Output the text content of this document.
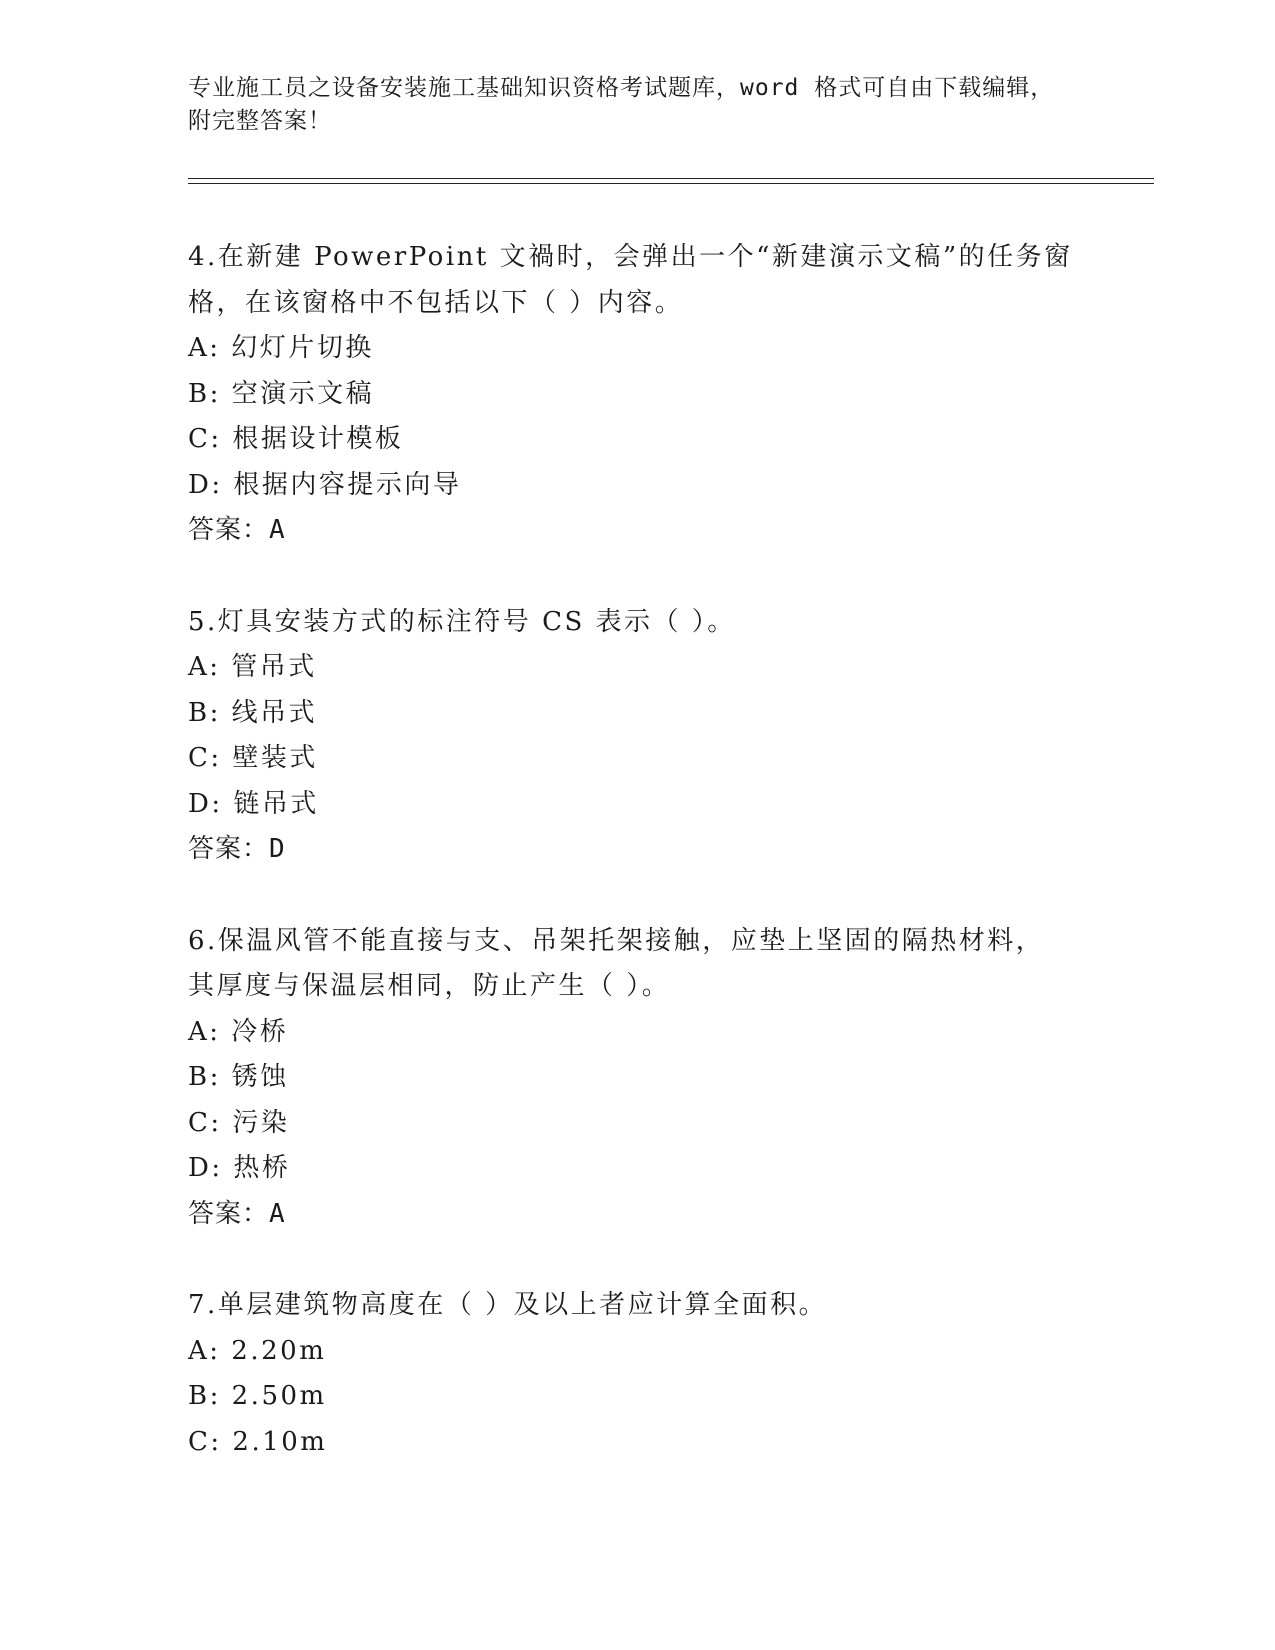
专业施工员之设备安装施工基础知识资格考试题库，word 格式可自由下载编辑，
附完整答案！
4.在新建 PowerPoint 文禍时，会弹出一个“新建演示文稿”的任务窗
格，在该窗格中不包括以下（ ）内容。
A: 幻灯片切换
B: 空演示文稿
C: 根据设计模板
D: 根据内容提示向导
答案：A
5.灯具安装方式的标注符号 CS 表示（ ）。
A: 管吊式
B: 线吊式
C: 壁装式
D: 链吊式
答案：D
6.保温风管不能直接与支、吊架托架接触，应垫上坚固的隔热材料，
其厚度与保温层相同，防止产生（ ）。
A: 冷桥
B: 锈蚀
C: 污染
D: 热桥
答案：A
7.单层建筑物高度在（ ）及以上者应计算全面积。
A: 2.20m
B: 2.50m
C: 2.10m
